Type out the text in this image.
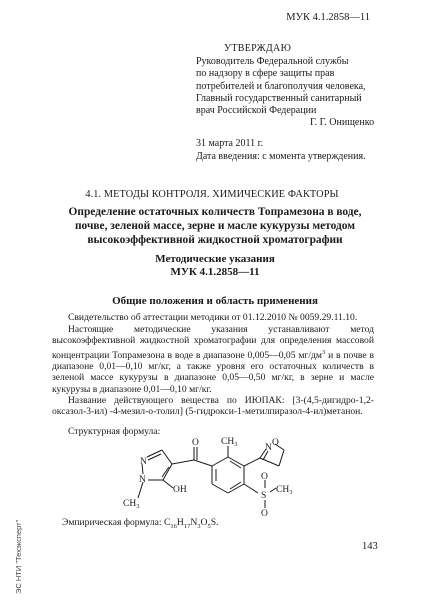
МУК 4.1.2858—11
УТВЕРЖДАЮ
Руководитель Федеральной службы
по надзору в сфере защиты прав
потребителей и благополучия человека,
Главный государственный санитарный
врач Российской Федерации
Г. Г. Онищенко
31 марта 2011 г.
Дата введения: с момента утверждения.
4.1. МЕТОДЫ КОНТРОЛЯ. ХИМИЧЕСКИЕ ФАКТОРЫ
Определение остаточных количеств Топрамезона в воде,
почве, зеленой массе, зерне и масле кукурузы методом
высокоэффективной жидкостной хроматографии
Методические указания
МУК 4.1.2858—11
Общие положения и область применения

Свидетельство об аттестации методики от 01.12.2010 № 0059.29.11.10.

Настоящие методические указания устанавливают метод высокоэффективной жидкостной хроматографии для определения массовой концентрации Топрамезона в воде в диапазоне 0,005—0,05 $мг/дм^3$ и в почве в диапазоне 0,01—0,10 мг/кг, а также уровня его остаточных количеств в зеленой массе кукурузы в диапазоне 0,05—0,50 мг/кг, в зерне и масле кукурузы в диапазоне 0,01—0,10 мг/кг.

Название действующего вещества по ИЮПАК: [3-(4,5-дигидро-1,2-оксазол-3-ил) -4-мезил-о-толил] (5-гидрокси-1-метилпиразол-4-ил)метанон.

Структурная формула:
N
N
OH
$CH_3$
O $CH_3$	N O
S
O
O
$CH_3$
Эмпирическая формула: $C_{16}H_{17}N_3O_5S$.
143
ЭС НТИ "Техэксперт"
